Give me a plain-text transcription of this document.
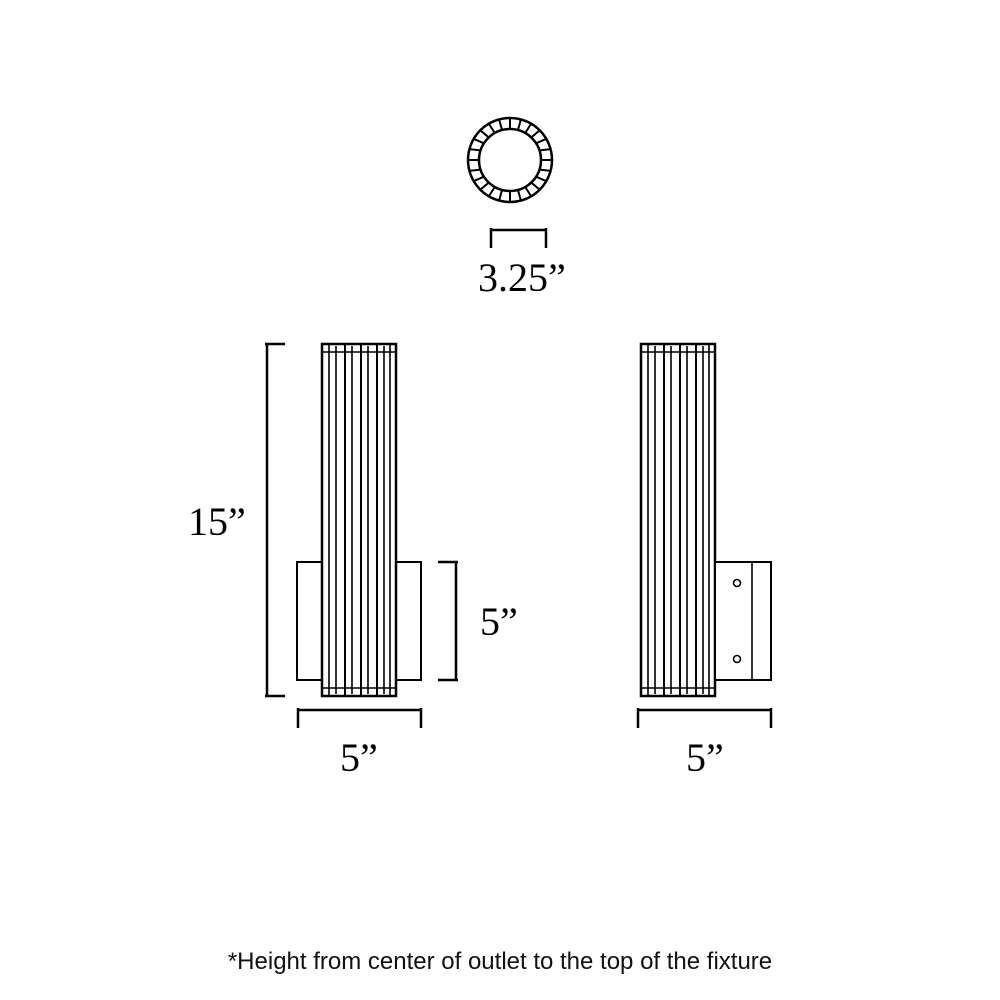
3.25”
15”
5”
5”	5”
*Height from center of outlet to the top of the fixture
